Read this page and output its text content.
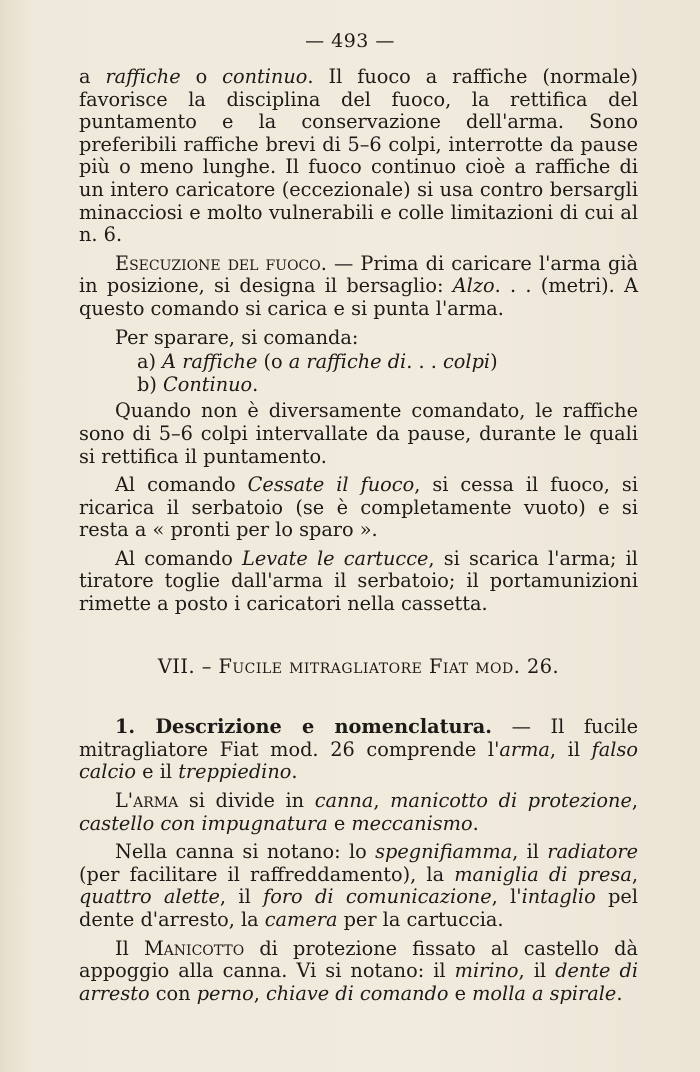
— 493 —

a raffiche o continuo. Il fuoco a raffiche (normale) favorisce la disciplina del fuoco, la rettifica del puntamento e la conservazione dell'arma. Sono preferibili raffiche brevi di 5–6 colpi, interrotte da pause più o meno lunghe. Il fuoco continuo cioè a raffiche di un intero caricatore (eccezionale) si usa contro bersargli minacciosi e molto vulnerabili e colle limitazioni di cui al n. 6.

Esecuzione del fuoco. — Prima di caricare l'arma già in posizione, si designa il bersaglio: Alzo. . . (metri). A questo comando si carica e si punta l'arma.

Per sparare, si comanda:

a) A raffiche (o a raffiche di. . . colpi)
b) Continuo.

Quando non è diversamente comandato, le raffiche sono di 5–6 colpi intervallate da pause, durante le quali si rettifica il puntamento.

Al comando Cessate il fuoco, si cessa il fuoco, si ricarica il serbatoio (se è completamente vuoto) e si resta a « pronti per lo sparo ».

Al comando Levate le cartucce, si scarica l'arma; il tiratore toglie dall'arma il serbatoio; il portamunizioni rimette a posto i caricatori nella cassetta.

VII. – Fucile mitragliatore Fiat mod. 26.

1. Descrizione e nomenclatura. — Il fucile mitragliatore Fiat mod. 26 comprende l'arma, il falso calcio e il treppiedino.

L'arma si divide in canna, manicotto di protezione, castello con impugnatura e meccanismo.

Nella canna si notano: lo spegnifiamma, il radiatore (per facilitare il raffreddamento), la maniglia di presa, quattro alette, il foro di comunicazione, l'intaglio pel dente d'arresto, la camera per la cartuccia.

Il Manicotto di protezione fissato al castello dà appoggio alla canna. Vi si notano: il mirino, il dente di arresto con perno, chiave di comando e molla a spirale.
